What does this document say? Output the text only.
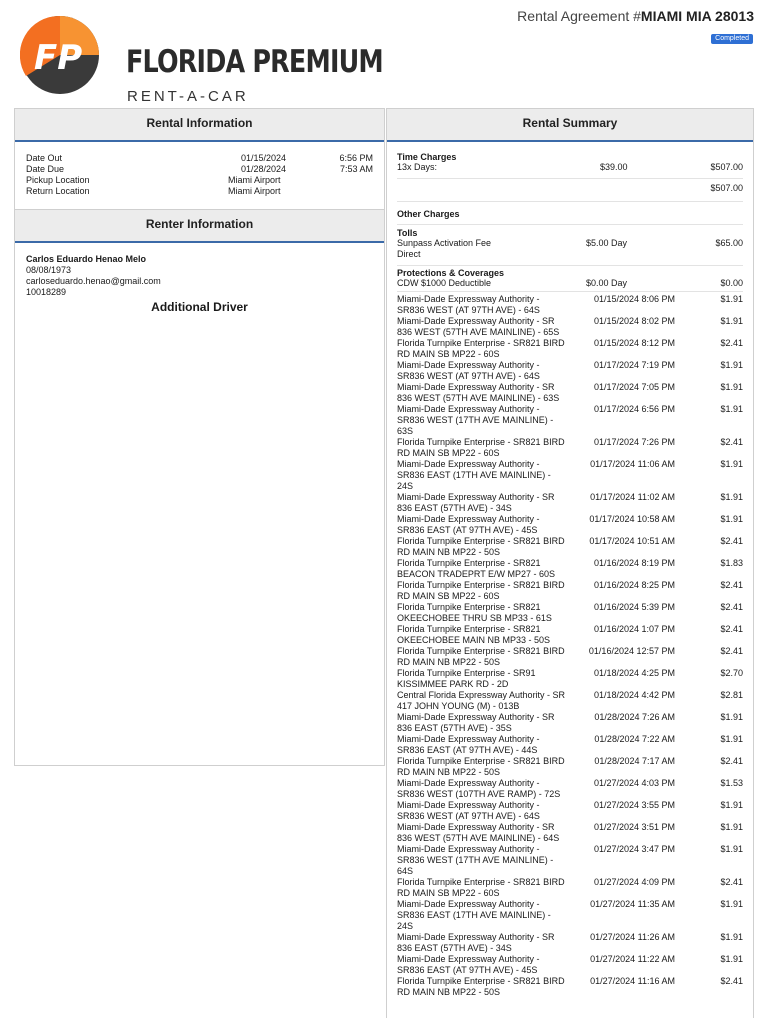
FP FLORIDA PREMIUM
RENT-A-CAR
Rental Agreement #MIAMI MIA 28013
Completed
Rental Information
Date Out	01/15/2024	6:56 PM
Date Due	01/28/2024	7:53 AM
Pickup Location	Miami Airport
Return Location	Miami Airport
Renter Information
Carlos Eduardo Henao Melo
08/08/1973
carloseduardo.henao@gmail.com
10018289
Additional Driver
Rental Summary
Time Charges
13x Days:	$39.00	$507.00
$507.00
Other Charges
Tolls
Sunpass Activation Fee	$5.00 Day	$65.00
Direct
Protections & Coverages
CDW $1000 Deductible	$0.00 Day	$0.00
Miami-Dade Expressway Authority -
SR836 WEST (AT 97TH AVE) - 64S
01/15/2024 8:06 PM	$1.91
Miami-Dade Expressway Authority - SR
836 WEST (57TH AVE MAINLINE) - 65S
01/15/2024 8:02 PM	$1.91
Florida Turnpike Enterprise - SR821 BIRD
RD MAIN SB MP22 - 60S
01/15/2024 8:12 PM	$2.41
Miami-Dade Expressway Authority -
SR836 WEST (AT 97TH AVE) - 64S
01/17/2024 7:19 PM	$1.91
Miami-Dade Expressway Authority - SR
836 WEST (57TH AVE MAINLINE) - 63S
01/17/2024 7:05 PM	$1.91
Miami-Dade Expressway Authority -
SR836 WEST (17TH AVE MAINLINE) -
63S
01/17/2024 6:56 PM	$1.91
Florida Turnpike Enterprise - SR821 BIRD
RD MAIN SB MP22 - 60S
01/17/2024 7:26 PM	$2.41
Miami-Dade Expressway Authority -
SR836 EAST (17TH AVE MAINLINE) -
24S
01/17/2024 11:06 AM	$1.91
Miami-Dade Expressway Authority - SR
836 EAST (57TH AVE) - 34S
01/17/2024 11:02 AM	$1.91
Miami-Dade Expressway Authority -
SR836 EAST (AT 97TH AVE) - 45S
01/17/2024 10:58 AM	$1.91
Florida Turnpike Enterprise - SR821 BIRD
RD MAIN NB MP22 - 50S
01/17/2024 10:51 AM	$2.41
Florida Turnpike Enterprise - SR821
BEACON TRADEPRT E/W MP27 - 60S
01/16/2024 8:19 PM	$1.83
Florida Turnpike Enterprise - SR821 BIRD
RD MAIN SB MP22 - 60S
01/16/2024 8:25 PM	$2.41
Florida Turnpike Enterprise - SR821
OKEECHOBEE THRU SB MP33 - 61S
01/16/2024 5:39 PM	$2.41
Florida Turnpike Enterprise - SR821
OKEECHOBEE MAIN NB MP33 - 50S
01/16/2024 1:07 PM	$2.41
Florida Turnpike Enterprise - SR821 BIRD
RD MAIN NB MP22 - 50S
01/16/2024 12:57 PM	$2.41
Florida Turnpike Enterprise - SR91
KISSIMMEE PARK RD - 2D
01/18/2024 4:25 PM	$2.70
Central Florida Expressway Authority - SR
417 JOHN YOUNG (M) - 013B
01/18/2024 4:42 PM	$2.81
Miami-Dade Expressway Authority - SR
836 EAST (57TH AVE) - 35S
01/28/2024 7:26 AM	$1.91
Miami-Dade Expressway Authority -
SR836 EAST (AT 97TH AVE) - 44S
01/28/2024 7:22 AM	$1.91
Florida Turnpike Enterprise - SR821 BIRD
RD MAIN NB MP22 - 50S
01/28/2024 7:17 AM	$2.41
Miami-Dade Expressway Authority -
SR836 WEST (107TH AVE RAMP) - 72S
01/27/2024 4:03 PM	$1.53
Miami-Dade Expressway Authority -
SR836 WEST (AT 97TH AVE) - 64S
01/27/2024 3:55 PM	$1.91
Miami-Dade Expressway Authority - SR
836 WEST (57TH AVE MAINLINE) - 64S
01/27/2024 3:51 PM	$1.91
Miami-Dade Expressway Authority -
SR836 WEST (17TH AVE MAINLINE) -
64S
01/27/2024 3:47 PM	$1.91
Florida Turnpike Enterprise - SR821 BIRD
RD MAIN SB MP22 - 60S
01/27/2024 4:09 PM	$2.41
Miami-Dade Expressway Authority -
SR836 EAST (17TH AVE MAINLINE) -
24S
01/27/2024 11:35 AM	$1.91
Miami-Dade Expressway Authority - SR
836 EAST (57TH AVE) - 34S
01/27/2024 11:26 AM	$1.91
Miami-Dade Expressway Authority -
SR836 EAST (AT 97TH AVE) - 45S
01/27/2024 11:22 AM	$1.91
Florida Turnpike Enterprise - SR821 BIRD
RD MAIN NB MP22 - 50S
01/27/2024 11:16 AM	$2.41
